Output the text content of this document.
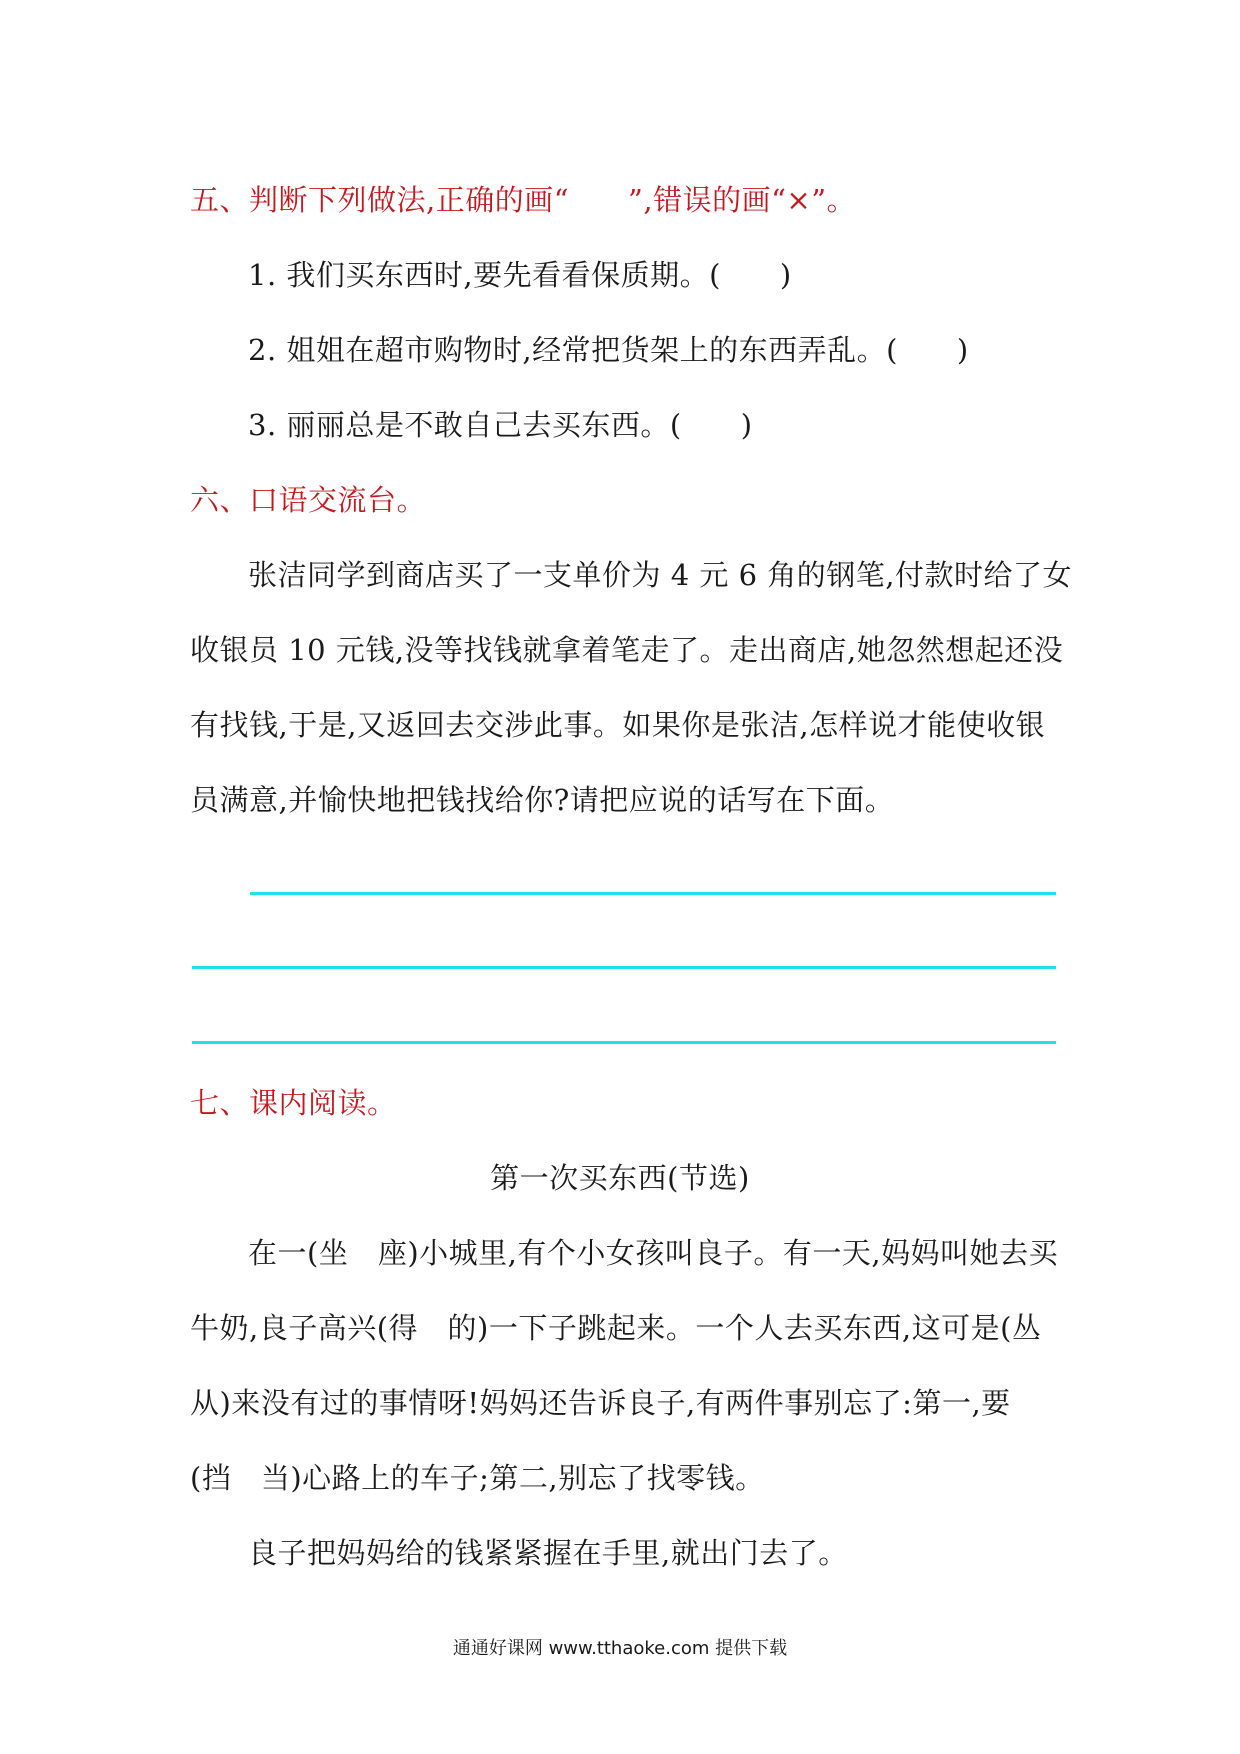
五、判断下列做法,正确的画“　　”,错误的画“×”。
1. 我们买东西时,要先看看保质期。(　　)
2. 姐姐在超市购物时,经常把货架上的东西弄乱。(　　)
3. 丽丽总是不敢自己去买东西。(　　)
六、口语交流台。
张洁同学到商店买了一支单价为 4 元 6 角的钢笔,付款时给了女
收银员 10 元钱,没等找钱就拿着笔走了。走出商店,她忽然想起还没
有找钱,于是,又返回去交涉此事。如果你是张洁,怎样说才能使收银
员满意,并愉快地把钱找给你?请把应说的话写在下面。
七、课内阅读。
第一次买东西(节选)
在一(坐　座)小城里,有个小女孩叫良子。有一天,妈妈叫她去买
牛奶,良子高兴(得　的)一下子跳起来。一个人去买东西,这可是(丛
从)来没有过的事情呀!妈妈还告诉良子,有两件事别忘了:第一,要
(挡　当)心路上的车子;第二,别忘了找零钱。
良子把妈妈给的钱紧紧握在手里,就出门去了。
通通好课网 www.tthaoke.com 提供下载
